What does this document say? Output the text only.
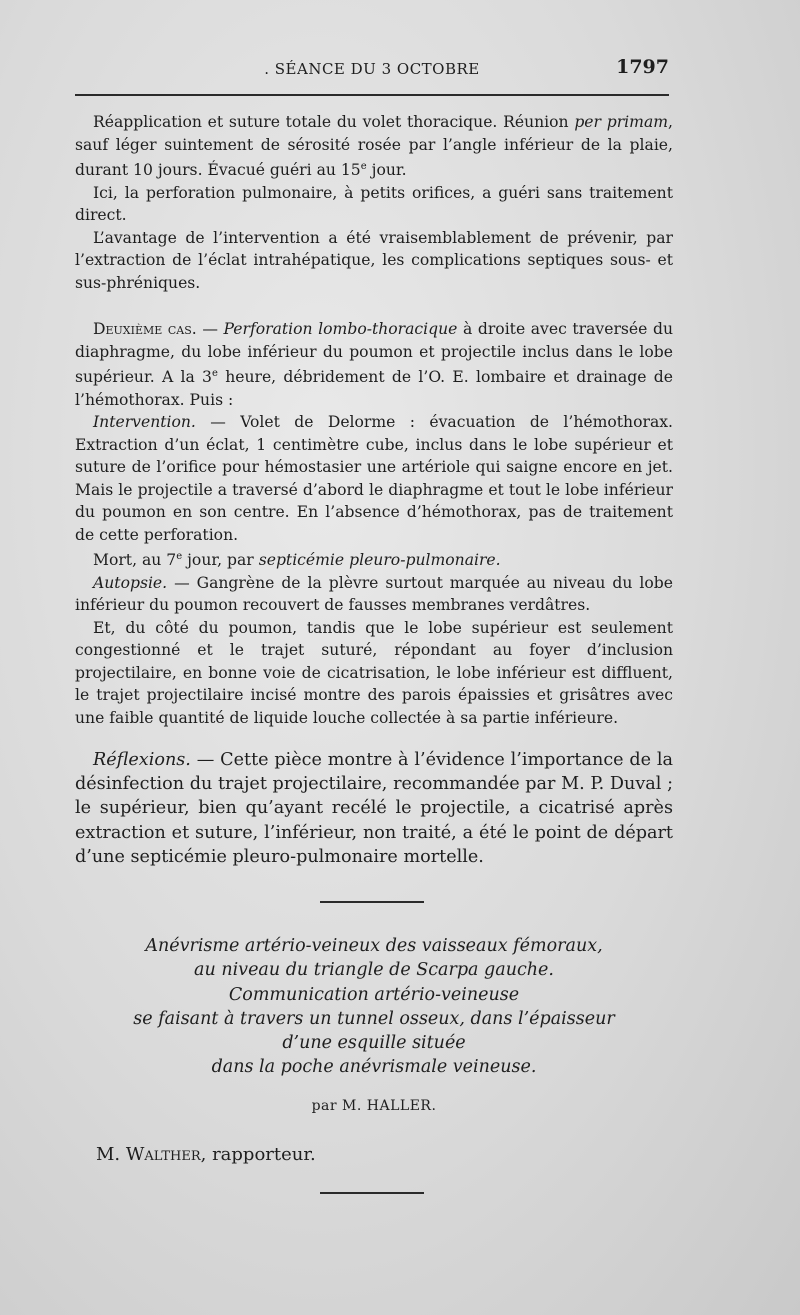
. SÉANCE DU 3 OCTOBRE	1797

Réapplication et suture totale du volet thoracique. Réunion per primam, sauf léger suintement de sérosité rosée par l’angle inférieur de la plaie, durant 10 jours. Évacué guéri au 15e jour.

Ici, la perforation pulmonaire, à petits orifices, a guéri sans traitement direct.

L’avantage de l’intervention a été vraisemblablement de prévenir, par l’extraction de l’éclat intrahépatique, les complications septiques sous- et sus-phréniques.

Deuxième cas. — Perforation lombo-thoracique à droite avec traversée du diaphragme, du lobe inférieur du poumon et projectile inclus dans le lobe supérieur. A la 3e heure, débridement de l’O. E. lombaire et drainage de l’hémothorax. Puis :

Intervention. — Volet de Delorme : évacuation de l’hémothorax. Extraction d’un éclat, 1 centimètre cube, inclus dans le lobe supérieur et suture de l’orifice pour hémostasier une artériole qui saigne encore en jet. Mais le projectile a traversé d’abord le diaphragme et tout le lobe inférieur du poumon en son centre. En l’absence d’hémothorax, pas de traitement de cette perforation.

Mort, au 7e jour, par septicémie pleuro-pulmonaire.

Autopsie. — Gangrène de la plèvre surtout marquée au niveau du lobe inférieur du poumon recouvert de fausses membranes verdâtres.

Et, du côté du poumon, tandis que le lobe supérieur est seulement congestionné et le trajet suturé, répondant au foyer d’inclusion projectilaire, en bonne voie de cicatrisation, le lobe inférieur est diffluent, le trajet projectilaire incisé montre des parois épaissies et grisâtres avec une faible quantité de liquide louche collectée à sa partie inférieure.

Réflexions. — Cette pièce montre à l’évidence l’importance de la désinfection du trajet projectilaire, recommandée par M. P. Duval ; le supérieur, bien qu’ayant recélé le projectile, a cicatrisé après extraction et suture, l’inférieur, non traité, a été le point de départ d’une septicémie pleuro-pulmonaire mortelle.

Anévrisme artério-veineux des vaisseaux fémoraux,
au niveau du triangle de Scarpa gauche.
Communication artério-veineuse
se faisant à travers un tunnel osseux, dans l’épaisseur
d’une esquille située
dans la poche anévrismale veineuse.
par M. HALLER.
M. Walther, rapporteur.
